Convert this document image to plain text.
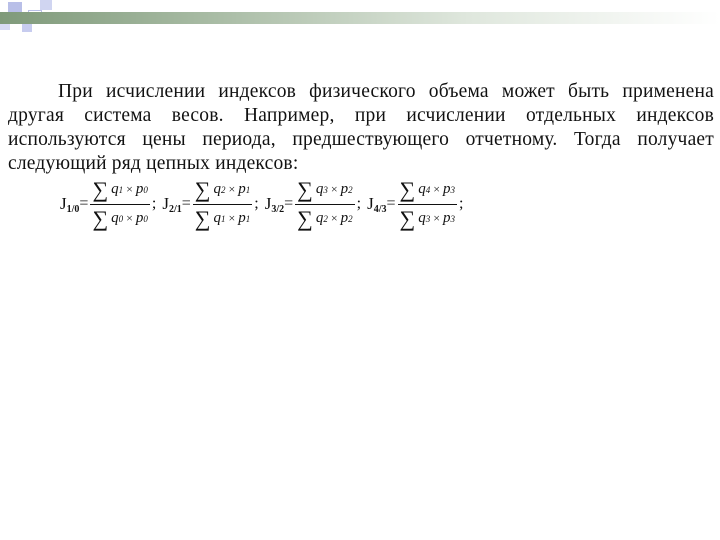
При исчислении индексов физического объема может быть применена другая система весов. Например, при исчислении отдельных индексов используются цены периода, предшествующего отчетному. Тогда получает следующий ряд цепных индексов:
$J_{1/0} = \frac{\sum q 1 \times p 0}{\sum q 0 \times p 0}$ ; $J_{2/1} = \frac{\sum q 2 \times p 1}{\sum q 1 \times p 1}$ ; $J_{3/2} = \frac{\sum q 3 \times p 2}{\sum q 2 \times p 2}$ ; $J_{4/3} = \frac{\sum q 4 \times p 3}{\sum q 3 \times p 3}$ ;
